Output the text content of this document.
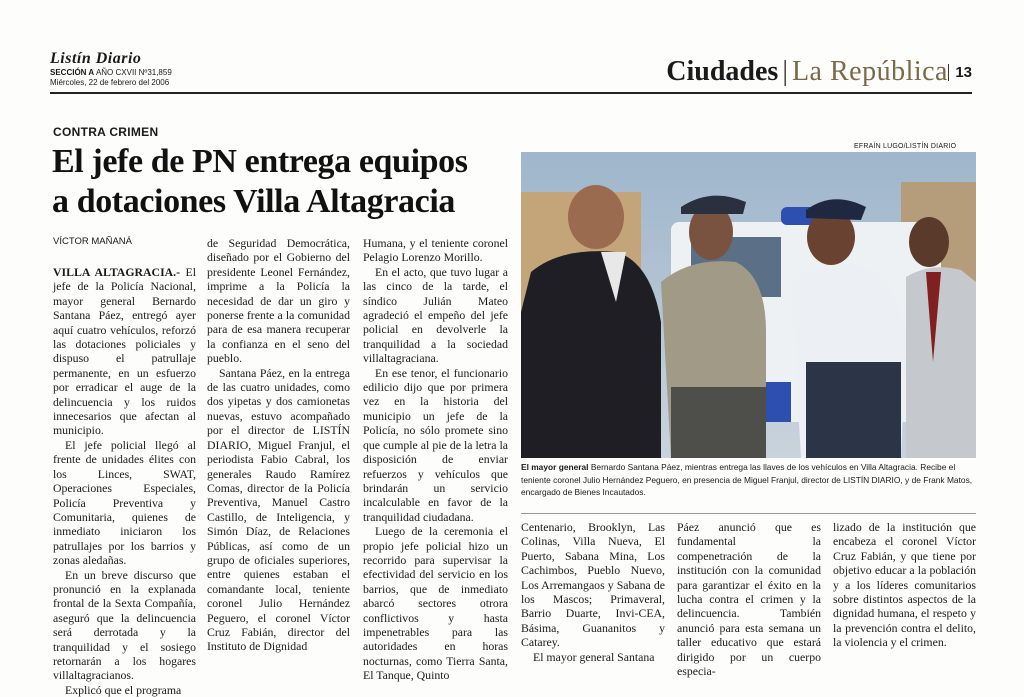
Listín Diario
SECCIÓN A AÑO CXVII Nº31,859
Miércoles, 22 de febrero del 2006	Ciudades | La República 13
CONTRA CRIMEN
El jefe de PN entrega equipos
a dotaciones Villa Altagracia
VÍCTOR MAÑANÁ
EFRAÍN LUGO/LISTÍN DIARIO

VILLA ALTAGRACIA.- El jefe de la Policía Nacional, mayor general Bernardo Santana Páez, entregó ayer aquí cuatro vehículos, reforzó las dotaciones policiales y dispuso el patrullaje permanente, en un esfuerzo por erradicar el auge de la delincuencia y los ruidos innecesarios que afectan al municipio.

El jefe policial llegó al frente de unidades élites con los Linces, SWAT, Operaciones Especiales, Policía Preventiva y Comunitaria, quienes de inmediato iniciaron los patrullajes por los barrios y zonas aledañas.

En un breve discurso que pronunció en la explanada frontal de la Sexta Compañía, aseguró que la delincuencia será derrotada y la tranquilidad y el sosiego retornarán a los hogares villaltagracianos.

Explicó que el programa

de Seguridad Democrática, diseñado por el Gobierno del presidente Leonel Fernández, imprime a la Policía la necesidad de dar un giro y ponerse frente a la comunidad para de esa manera recuperar la confianza en el seno del pueblo.

Santana Páez, en la entrega de las cuatro unidades, como dos yipetas y dos camionetas nuevas, estuvo acompañado por el director de LISTÍN DIARIO, Miguel Franjul, el periodista Fabio Cabral, los generales Raudo Ramírez Comas, director de la Policía Preventiva, Manuel Castro Castillo, de Inteligencia, y Simón Díaz, de Relaciones Públicas, así como de un grupo de oficiales superiores, entre quienes estaban el comandante local, teniente coronel Julio Hernández Peguero, el coronel Víctor Cruz Fabián, director del Instituto de Dignidad

Humana, y el teniente coronel Pelagio Lorenzo Morillo.

En el acto, que tuvo lugar a las cinco de la tarde, el síndico Julián Mateo agradeció el empeño del jefe policial en devolverle la tranquilidad a la sociedad villaltagraciana.

En ese tenor, el funcionario edilicio dijo que por primera vez en la historia del municipio un jefe de la Policía, no sólo promete sino que cumple al pie de la letra la disposición de enviar refuerzos y vehículos que brindarán un servicio incalculable en favor de la tranquilidad ciudadana.

Luego de la ceremonia el propio jefe policial hizo un recorrido para supervisar la efectividad del servicio en los barrios, que de inmediato abarcó sectores otrora conflictivos y hasta impenetrables para las autoridades en horas nocturnas, como Tierra Santa, El Tanque, Quinto

El mayor general Bernardo Santana Páez, mientras entrega las llaves de los vehículos en Villa Altagracia. Recibe el teniente coronel Julio Hernández Peguero, en presencia de Miguel Franjul, director de LISTÍN DIARIO, y de Frank Matos, encargado de Bienes Incautados.

Centenario, Brooklyn, Las Colinas, Villa Nueva, El Puerto, Sabana Mina, Los Cachimbos, Pueblo Nuevo, Los Arremangaos y Sabana de los Mascos; Primaveral, Barrio Duarte, Invi-CEA, Básima, Guananitos y Catarey.

El mayor general Santana

Páez anunció que es fundamental la compenetración de la institución con la comunidad para garantizar el éxito en la lucha contra el crimen y la delincuencia. También anunció para esta semana un taller educativo que estará dirigido por un cuerpo especia-

lizado de la institución que encabeza el coronel Víctor Cruz Fabián, y que tiene por objetivo educar a la población y a los líderes comunitarios sobre distintos aspectos de la dignidad humana, el respeto y la prevención contra el delito, la violencia y el crimen.
